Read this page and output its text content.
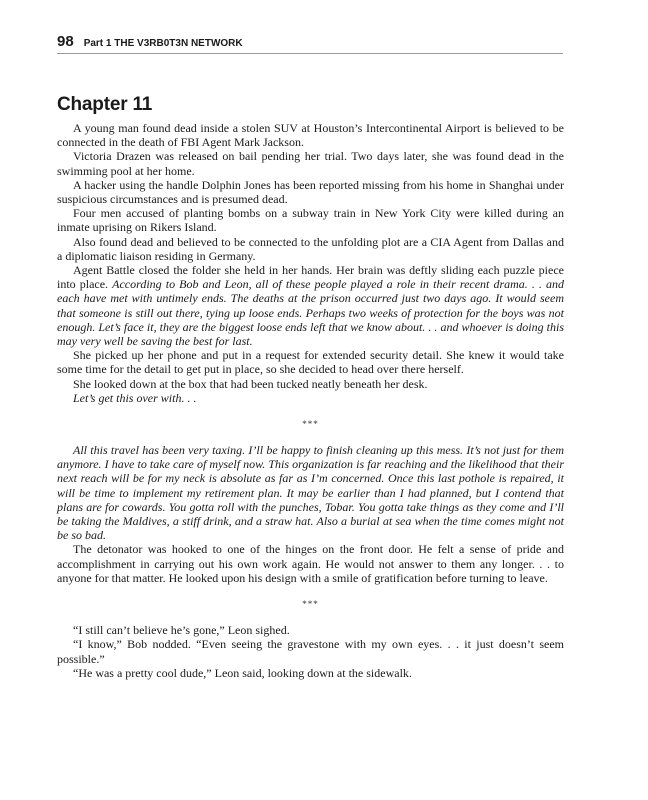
98 Part 1 THE V3RB0T3N NETWORK
Chapter 11

A young man found dead inside a stolen SUV at Houston’s Intercontinental Airport is believed to be connected in the death of FBI Agent Mark Jackson.

Victoria Drazen was released on bail pending her trial. Two days later, she was found dead in the swimming pool at her home.

A hacker using the handle Dolphin Jones has been reported missing from his home in Shanghai under suspicious circumstances and is presumed dead.

Four men accused of planting bombs on a subway train in New York City were killed during an inmate uprising on Rikers Island.

Also found dead and believed to be connected to the unfolding plot are a CIA Agent from Dallas and a diplomatic liaison residing in Germany.

Agent Battle closed the folder she held in her hands. Her brain was deftly sliding each puzzle piece into place. According to Bob and Leon, all of these people played a role in their recent drama. . . and each have met with untimely ends. The deaths at the prison occurred just two days ago. It would seem that someone is still out there, tying up loose ends. Perhaps two weeks of protection for the boys was not enough. Let’s face it, they are the biggest loose ends left that we know about. . . and whoever is doing this may very well be saving the best for last.

She picked up her phone and put in a request for extended security detail. She knew it would take some time for the detail to get put in place, so she decided to head over there herself.

She looked down at the box that had been tucked neatly beneath her desk.

Let’s get this over with. . .

***

All this travel has been very taxing. I’ll be happy to finish cleaning up this mess. It’s not just for them anymore. I have to take care of myself now. This organization is far reaching and the likelihood that their next reach will be for my neck is absolute as far as I’m concerned. Once this last pothole is repaired, it will be time to implement my retirement plan. It may be earlier than I had planned, but I contend that plans are for cowards. You gotta roll with the punches, Tobar. You gotta take things as they come and I’ll be taking the Maldives, a stiff drink, and a straw hat. Also a burial at sea when the time comes might not be so bad.

The detonator was hooked to one of the hinges on the front door. He felt a sense of pride and accomplishment in carrying out his own work again. He would not answer to them any longer. . . to anyone for that matter. He looked upon his design with a smile of gratification before turning to leave.

***

“I still can’t believe he’s gone,” Leon sighed.

“I know,” Bob nodded. “Even seeing the gravestone with my own eyes. . . it just doesn’t seem possible.”

“He was a pretty cool dude,” Leon said, looking down at the sidewalk.
